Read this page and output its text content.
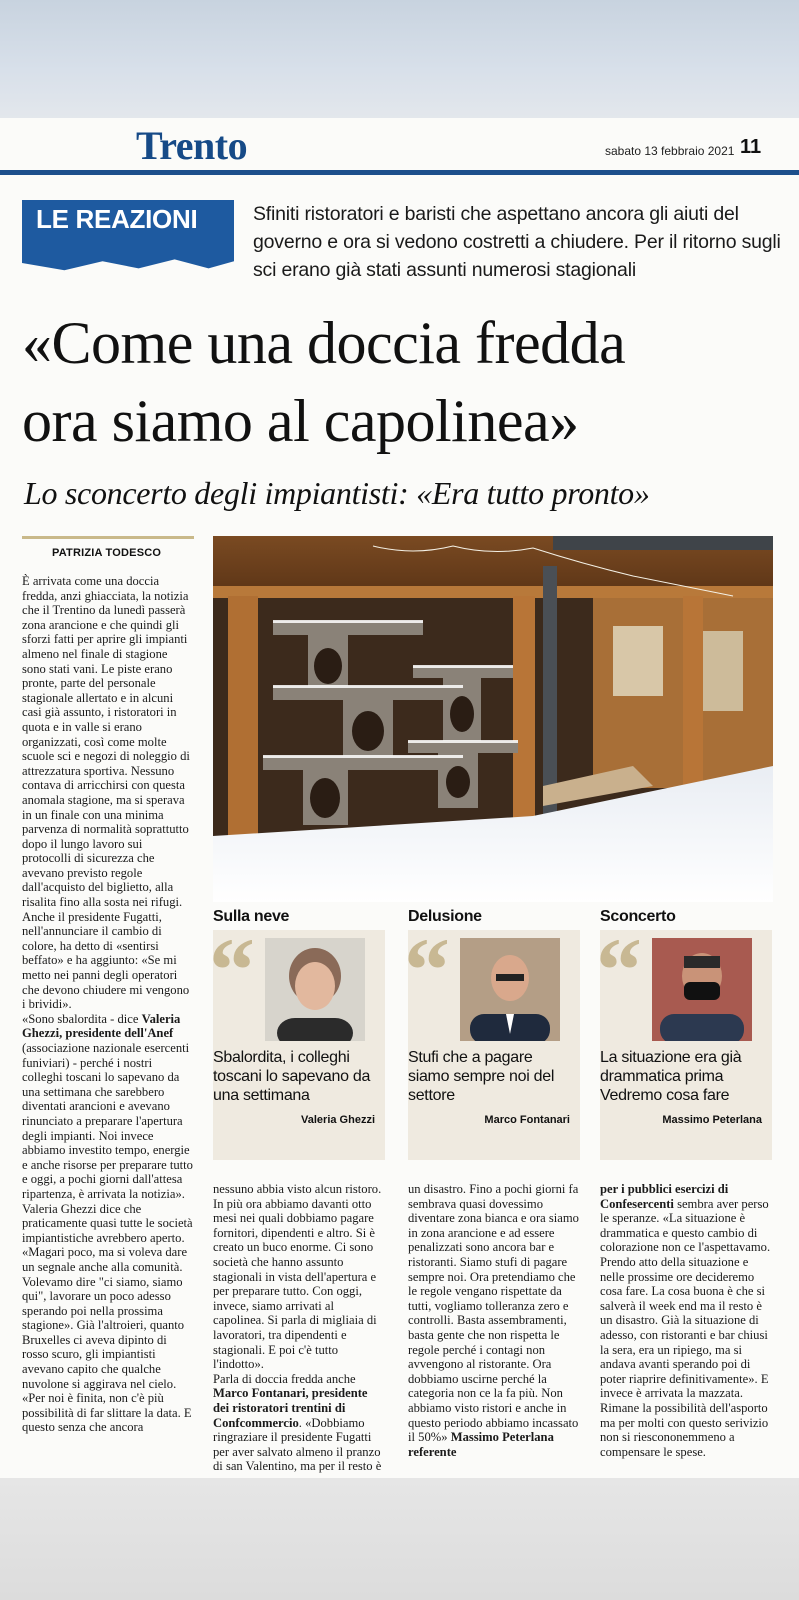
Trento	sabato 13 febbraio 2021 11
LE REAZIONI	Sfiniti ristoratori e baristi che aspettano ancora gli aiuti del governo e ora si vedono costretti a chiudere. Per il ritorno sugli sci erano già stati assunti numerosi stagionali
«Come una doccia fredda
ora siamo al capolinea»
Lo sconcerto degli impiantisti: «Era tutto pronto»
PATRIZIA TODESCO

È arrivata come una doccia fredda, anzi ghiacciata, la notizia che il Trentino da lunedì passerà zona arancione e che quindi gli sforzi fatti per aprire gli impianti almeno nel finale di stagione sono stati vani. Le piste erano pronte, parte del personale stagionale allertato e in alcuni casi già assunto, i ristoratori in quota e in valle si erano organizzati, così come molte scuole sci e negozi di noleggio di attrezzatura sportiva. Nessuno contava di arricchirsi con questa anomala stagione, ma si sperava in un finale con una minima parvenza di normalità soprattutto dopo il lungo lavoro sui protocolli di sicurezza che avevano previsto regole dall'acquisto del biglietto, alla risalita fino alla sosta nei rifugi.

Anche il presidente Fugatti, nell'annunciare il cambio di colore, ha detto di «sentirsi beffato» e ha aggiunto: «Se mi metto nei panni degli operatori che devono chiudere mi vengono i brividi».

«Sono sbalordita - dice Valeria Ghezzi, presidente dell'Anef (associazione nazionale esercenti funiviari) - perché i nostri colleghi toscani lo sapevano da una settimana che sarebbero diventati arancioni e avevano rinunciato a preparare l'apertura degli impianti. Noi invece abbiamo investito tempo, energie e anche risorse per preparare tutto e oggi, a pochi giorni dall'attesa ripartenza, è arrivata la notizia». Valeria Ghezzi dice che praticamente quasi tutte le società impiantistiche avrebbero aperto. «Magari poco, ma si voleva dare un segnale anche alla comunità. Volevamo dire "ci siamo, siamo qui", lavorare un poco adesso sperando poi nella prossima stagione». Già l'altroieri, quanto Bruxelles ci aveva dipinto di rosso scuro, gli impiantisti avevano capito che qualche nuvolone si aggirava nel cielo. «Per noi è finita, non c'è più possibilità di far slittare la data. E questo senza che ancora

Sulla neve
“
Sbalordita, i colleghi toscani lo sapevano da una settimana
Valeria Ghezzi
Delusione
“
Stufi che a pagare siamo sempre noi del settore
Marco Fontanari
Sconcerto
“
La situazione era già drammatica prima Vedremo cosa fare
Massimo Peterlana

nessuno abbia visto alcun ristoro. In più ora abbiamo davanti otto mesi nei quali dobbiamo pagare fornitori, dipendenti e altro. Si è creato un buco enorme. Ci sono società che hanno assunto stagionali in vista dell'apertura e per preparare tutto. Con oggi, invece, siamo arrivati al capolinea. Si parla di migliaia di lavoratori, tra dipendenti e stagionali. E poi c'è tutto l'indotto».

Parla di doccia fredda anche Marco Fontanari, presidente dei ristoratori trentini di Confcommercio. «Dobbiamo ringraziare il presidente Fugatti per aver salvato almeno il pranzo di san Valentino, ma per il resto è

un disastro. Fino a pochi giorni fa sembrava quasi dovessimo diventare zona bianca e ora siamo in zona arancione e ad essere penalizzati sono ancora bar e ristoranti. Siamo stufi di pagare sempre noi. Ora pretendiamo che le regole vengano rispettate da tutti, vogliamo tolleranza zero e controlli. Basta assembramenti, basta gente che non rispetta le regole perché i contagi non avvengono al ristorante. Ora dobbiamo uscirne perché la categoria non ce la fa più. Non abbiamo visto ristori e anche in questo periodo abbiamo incassato il 50%» Massimo Peterlana referente

per i pubblici esercizi di Confesercenti sembra aver perso le speranze. «La situazione è drammatica e questo cambio di colorazione non ce l'aspettavamo. Prendo atto della situazione e nelle prossime ore decideremo cosa fare. La cosa buona è che si salverà il week end ma il resto è un disastro. Già la situazione di adesso, con ristoranti e bar chiusi la sera, era un ripiego, ma si andava avanti sperando poi di poter riaprire definitivamente». E invece è arrivata la mazzata. Rimane la possibilità dell'asporto ma per molti con questo serivizio non si riescononemmeno a compensare le spese.
